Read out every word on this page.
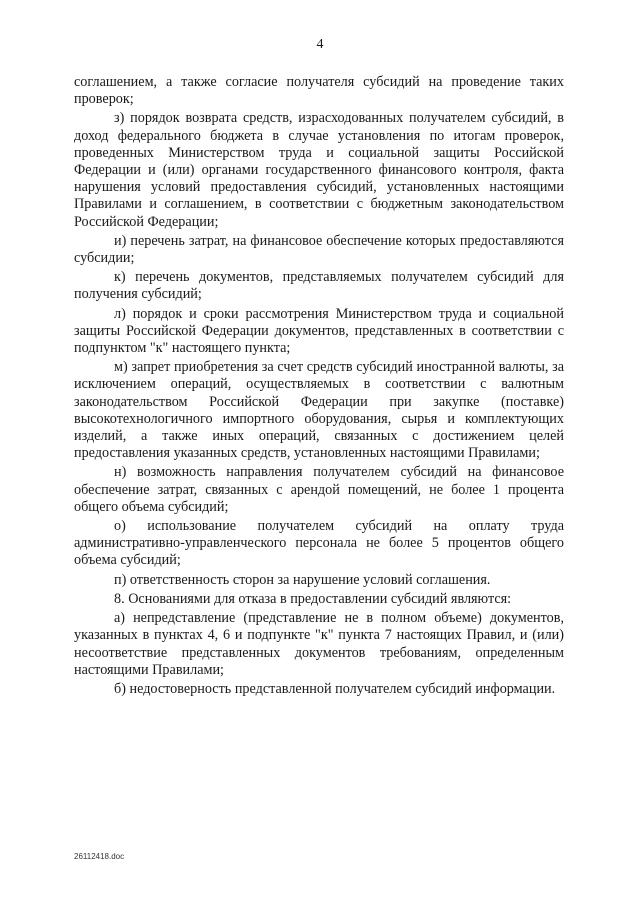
4

соглашением, а также согласие получателя субсидий на проведение таких проверок;

з) порядок возврата средств, израсходованных получателем субсидий, в доход федерального бюджета в случае установления по итогам проверок, проведенных Министерством труда и социальной защиты Российской Федерации и (или) органами государственного финансового контроля, факта нарушения условий предоставления субсидий, установленных настоящими Правилами и соглашением, в соответствии с бюджетным законодательством Российской Федерации;

и) перечень затрат, на финансовое обеспечение которых предоставляются субсидии;

к) перечень документов, представляемых получателем субсидий для получения субсидий;

л) порядок и сроки рассмотрения Министерством труда и социальной защиты Российской Федерации документов, представленных в соответствии с подпунктом "к" настоящего пункта;

м) запрет приобретения за счет средств субсидий иностранной валюты, за исключением операций, осуществляемых в соответствии с валютным законодательством Российской Федерации при закупке (поставке) высокотехнологичного импортного оборудования, сырья и комплектующих изделий, а также иных операций, связанных с достижением целей предоставления указанных средств, установленных настоящими Правилами;

н) возможность направления получателем субсидий на финансовое обеспечение затрат, связанных с арендой помещений, не более 1 процента общего объема субсидий;

о) использование получателем субсидий на оплату труда административно-управленческого персонала не более 5 процентов общего объема субсидий;

п) ответственность сторон за нарушение условий соглашения.

8. Основаниями для отказа в предоставлении субсидий являются:

а) непредставление (представление не в полном объеме) документов, указанных в пунктах 4, 6 и подпункте "к" пункта 7 настоящих Правил, и (или) несоответствие представленных документов требованиям, определенным настоящими Правилами;

б) недостоверность представленной получателем субсидий информации.

26112418.doc
